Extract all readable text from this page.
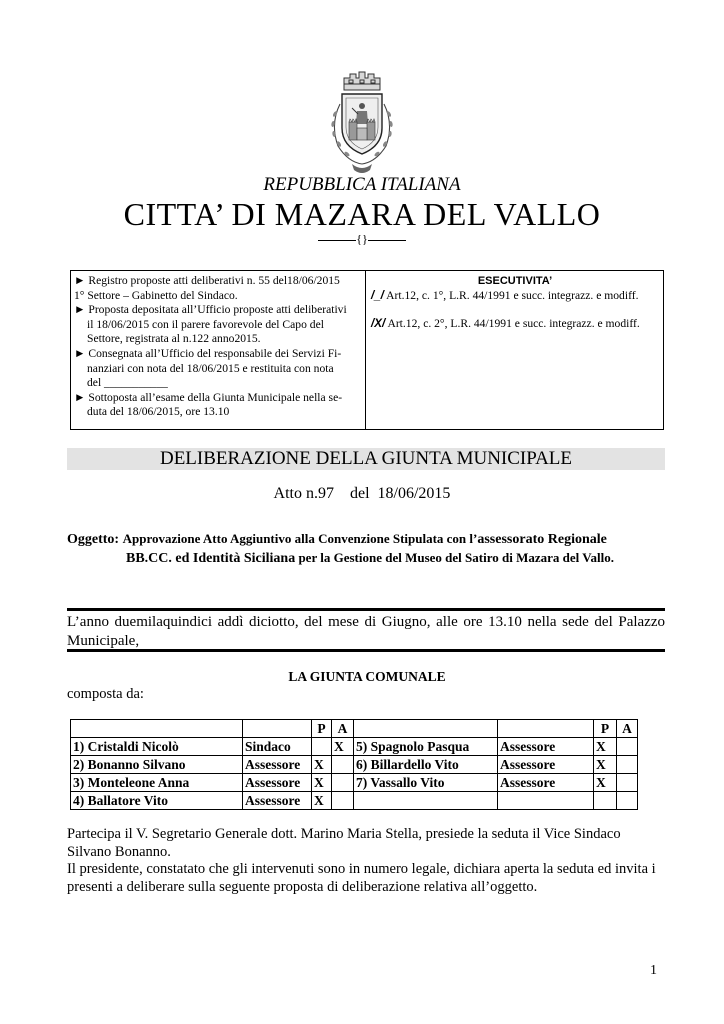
REPUBBLICA ITALIANA
CITTA’ DI MAZARA DEL VALLO
{}

► Registro proposte atti deliberativi n. 55 del18/06/2015

1° Settore – Gabinetto del Sindaco.

► Proposta depositata all’Ufficio proposte atti deliberativi

il 18/06/2015 con il parere favorevole del Capo del

Settore, registrata al n.122 anno2015.

► Consegnata all’Ufficio del responsabile dei Servizi Fi-

nanziari con nota del 18/06/2015 e restituita con nota

del ___________

► Sottoposta all’esame della Giunta Municipale nella se-

duta del 18/06/2015, ore 13.10

ESECUTIVITA’
/_/ Art.12, c. 1°, L.R. 44/1991 e succ. integrazz. e modiff.
/X/ Art.12, c. 2°, L.R. 44/1991 e succ. integrazz. e modiff.
DELIBERAZIONE DELLA GIUNTA MUNICIPALE
Atto n.97    del  18/06/2015
Oggetto: Approvazione Atto Aggiuntivo alla Convenzione Stipulata con l’assessorato Regionale
BB.CC. ed Identità Siciliana per la Gestione del Museo del Satiro di Mazara del Vallo.
L’anno duemilaquindici addì diciotto, del mese di Giugno, alle ore 13.10 nella sede del Palazzo Municipale,
LA GIUNTA COMUNALE
composta da:
		P	A			P	A
1) Cristaldi Nicolò	Sindaco		X	5) Spagnolo Pasqua	Assessore	X	
2) Bonanno Silvano	Assessore	X		6) Billardello Vito	Assessore	X	
3) Monteleone Anna	Assessore	X		7) Vassallo Vito	Assessore	X	
4) Ballatore Vito	Assessore	X					

Partecipa il V. Segretario Generale dott. Marino Maria Stella, presiede la seduta il Vice Sindaco Silvano Bonanno.

Il presidente, constatato che gli intervenuti sono in numero legale, dichiara aperta la seduta ed invita i presenti a deliberare sulla seguente proposta di deliberazione relativa all’oggetto.

1
